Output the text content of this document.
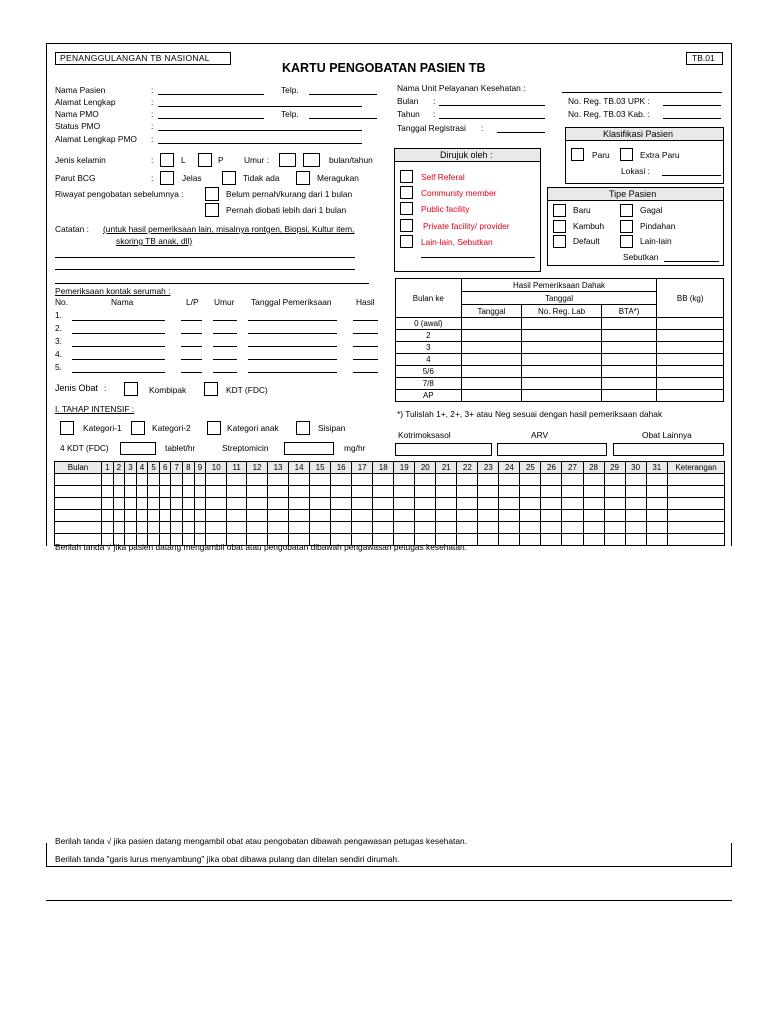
PENANGGULANGAN TB NASIONAL
KARTU PENGOBATAN PASIEN TB
TB.01
Nama Pasien	:	Telp.
Alamat Lengkap	:
Nama PMO	:	Telp.
Status PMO	:
Alamat Lengkap PMO :
Jenis kelamin	:	L	P Umur :	bulan/tahun
Parut BCG	:	Jelas	Tidak ada	Meragukan
Riwayat pengobatan sebelumnya :	Belum pernah/kurang dari 1 bulan
Pernah diobati lebih dari 1 bulan
Catatan : (untuk hasil pemeriksaan lain, misalnya rontgen, Biopsi, Kultur item,
skoring TB anak, dll)
Nama Unit Pelayanan Kesehatan :
Bulan :
Tahun :
Tanggal Registrasi :
No. Reg. TB.03 UPK :
No. Reg. TB.03 Kab. :
Klasifikasi Pasien
Paru	Extra Paru
Lokasi :
Dirujuk oleh :
Self Referal
Community member
Public facility
Private facility/ provider
Lain-lain, Sebutkan
Tipe Pasien
Baru	Gagal
Kambuh	Pindahan
Default	Lain-lain
Sebutkan
Pemeriksaan kontak serumah :
No.	Nama	L/P Umur Tanggal Pemeriksaan	Hasil
1.
2.
3.
4.
5.
Bulan ke	Hasil Pemeriksaan Dahak			BB (kg)
	Tanggal			
	Tanggal	No. Reg. Lab	BTA*)	
0 (awal)				
2				
3				
4				
5/6				
7/8				
AP				
*) Tulislah 1+, 2+, 3+ atau Neg sesuai dengan hasil pemeriksaan dahak
Jenis Obat :	Kombipak	KDT (FDC)
I. TAHAP INTENSIF :
Kategori-1	Kategori-2	Kategori anak	Sisipan
4 KDT (FDC)	tablet/hr	Streptomicin	mg/hr
Kotrimoksasol	ARV	Obat Lainnya
Bulan	1	2	3	4	5	6	7	8	9	10	11	12	13	14	15	16	17	18	19	20	21	22	23	24	25	26	27	28	29	30	31	Keterangan

Berilah tanda √ jika pasien datang mengambil obat atau pengobatan dibawah pengawasan petugas kesehatan.
Berilah tanda √ jika pasien datang mengambil obat atau pengobatan dibawah pengawasan petugas kesehatan.
Berilah tanda "garis lurus menyambung" jika obat dibawa pulang dan ditelan sendiri dirumah.
